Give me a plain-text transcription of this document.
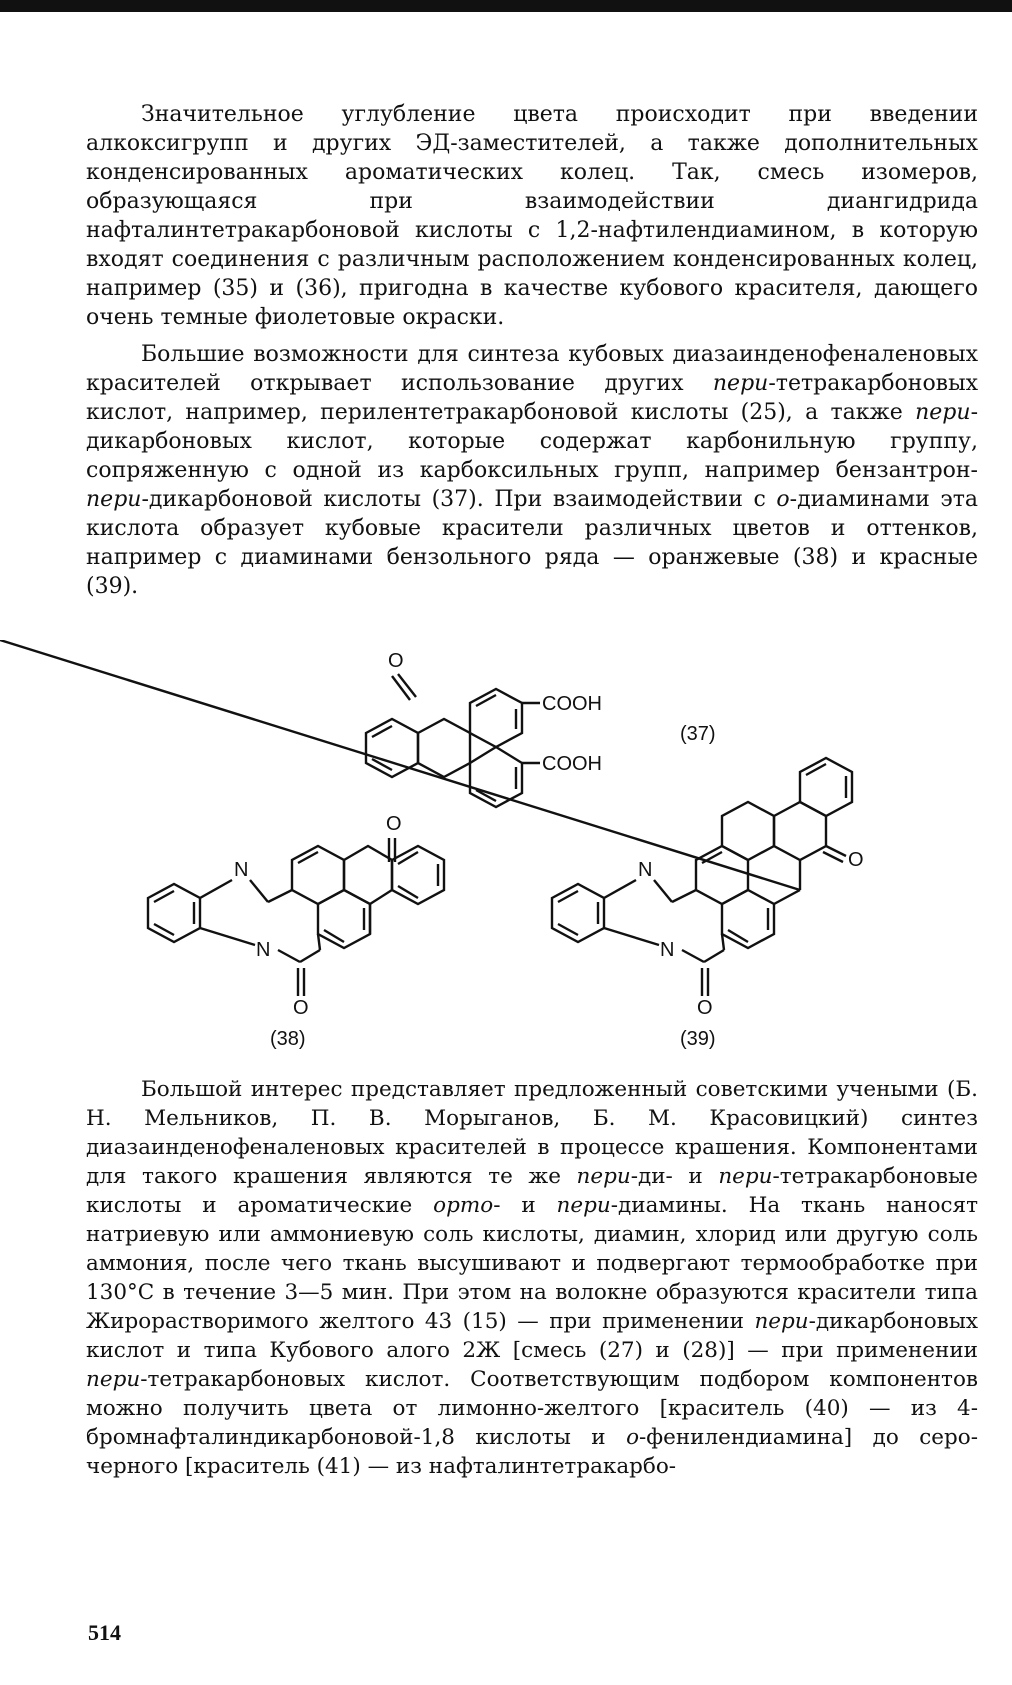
Значительное углубление цвета происходит при введении алкоксигрупп и других ЭД-заместителей, а также дополнительных конденсированных ароматических колец. Так, смесь изомеров, образующаяся при взаимодействии диангидрида нафталинтетракарбоновой кислоты с 1,2-нафтилендиамином, в которую входят соединения с различным расположением конденсированных колец, например (35) и (36), пригодна в качестве кубового красителя, дающего очень темные фиолетовые окраски.

Большие возможности для синтеза кубовых диазаинденофеналеновых красителей открывает использование других пери-тетракарбоновых кислот, например, перилентетракарбоновой кислоты (25), а также пери-дикарбоновых кислот, которые содержат карбонильную группу, сопряженную с одной из карбоксильных групп, например бензантрон-пери-дикарбоновой кислоты (37). При взаимодействии с о-диаминами эта кислота образует кубовые красители различных цветов и оттенков, например с диаминами бензольного ряда — оранжевые (38) и красные (39).

O
COOH
COOH
(37)
O
N
N
O
(38)
N
N
O
O
(39)

Большой интерес представляет предложенный советскими учеными (Б. Н. Мельников, П. В. Морыганов, Б. М. Красовицкий) синтез диазаинденофеналеновых красителей в процессе крашения. Компонентами для такого крашения являются те же пери-ди- и пери-тетракарбоновые кислоты и ароматические орто- и пери-диамины. На ткань наносят натриевую или аммониевую соль кислоты, диамин, хлорид или другую соль аммония, после чего ткань высушивают и подвергают термообработке при 130°С в течение 3—5 мин. При этом на волокне образуются красители типа Жирорастворимого желтого 43 (15) — при применении пери-дикарбоновых кислот и типа Кубового алого 2Ж [смесь (27) и (28)] — при применении пери-тетракарбоновых кислот. Соответствующим подбором компонентов можно получить цвета от лимонно-желтого [краситель (40) — из 4-бромнафталиндикарбоновой-1,8 кислоты и о-фенилендиамина] до серо-черного [краситель (41) — из нафталинтетракарбо-

514
